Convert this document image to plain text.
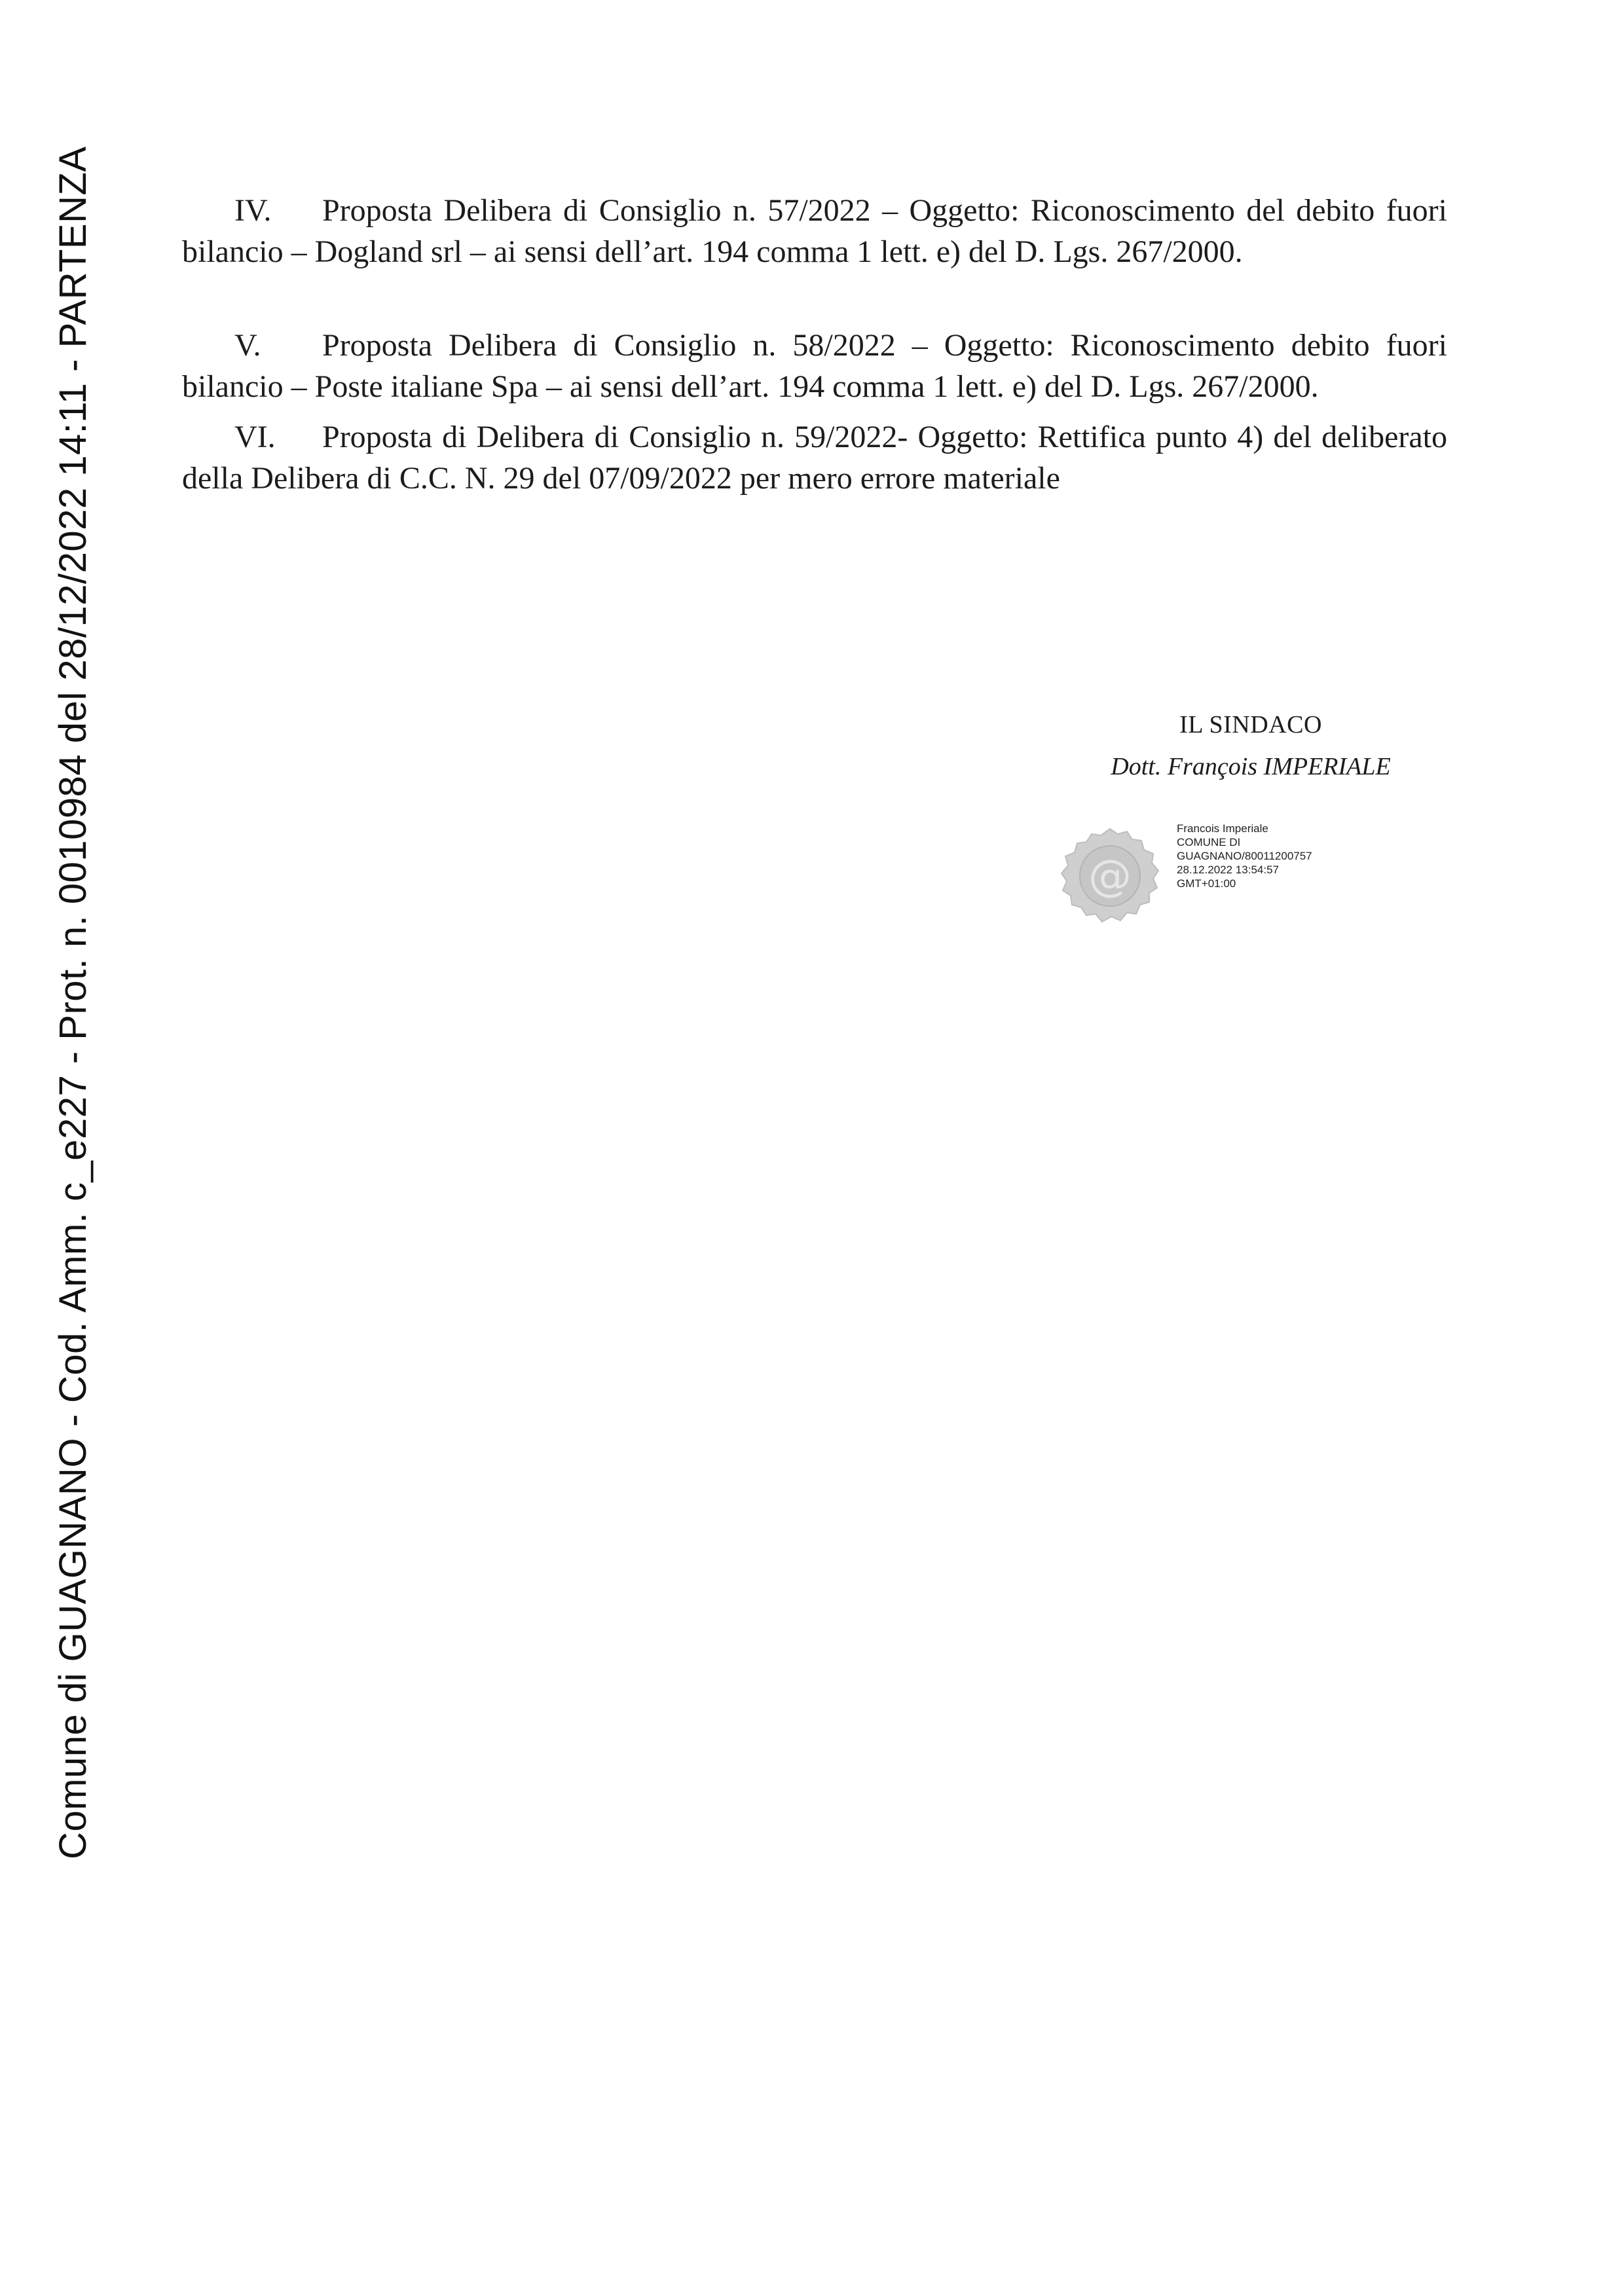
Comune di GUAGNANO - Cod. Amm. c_e227 - Prot. n. 0010984 del 28/12/2022 14:11 - PARTENZA	IV. Proposta Delibera di Consiglio n. 57/2022 – Oggetto: Riconoscimento del debito fuori bilancio – Dogland srl – ai sensi dell’art. 194 comma 1 lett. e) del D. Lgs. 267/2000.

V. Proposta Delibera di Consiglio n. 58/2022 – Oggetto: Riconoscimento debito fuori bilancio – Poste italiane Spa – ai sensi dell’art. 194 comma 1 lett. e) del D. Lgs. 267/2000.

VI. Proposta di Delibera di Consiglio n. 59/2022- Oggetto: Rettifica punto 4) del deliberato della Delibera di C.C. N. 29 del 07/09/2022 per mero errore materiale

IL SINDACO
Dott. François IMPERIALE
@
Francois Imperiale
COMUNE DI
GUAGNANO/80011200757
28.12.2022 13:54:57
GMT+01:00
